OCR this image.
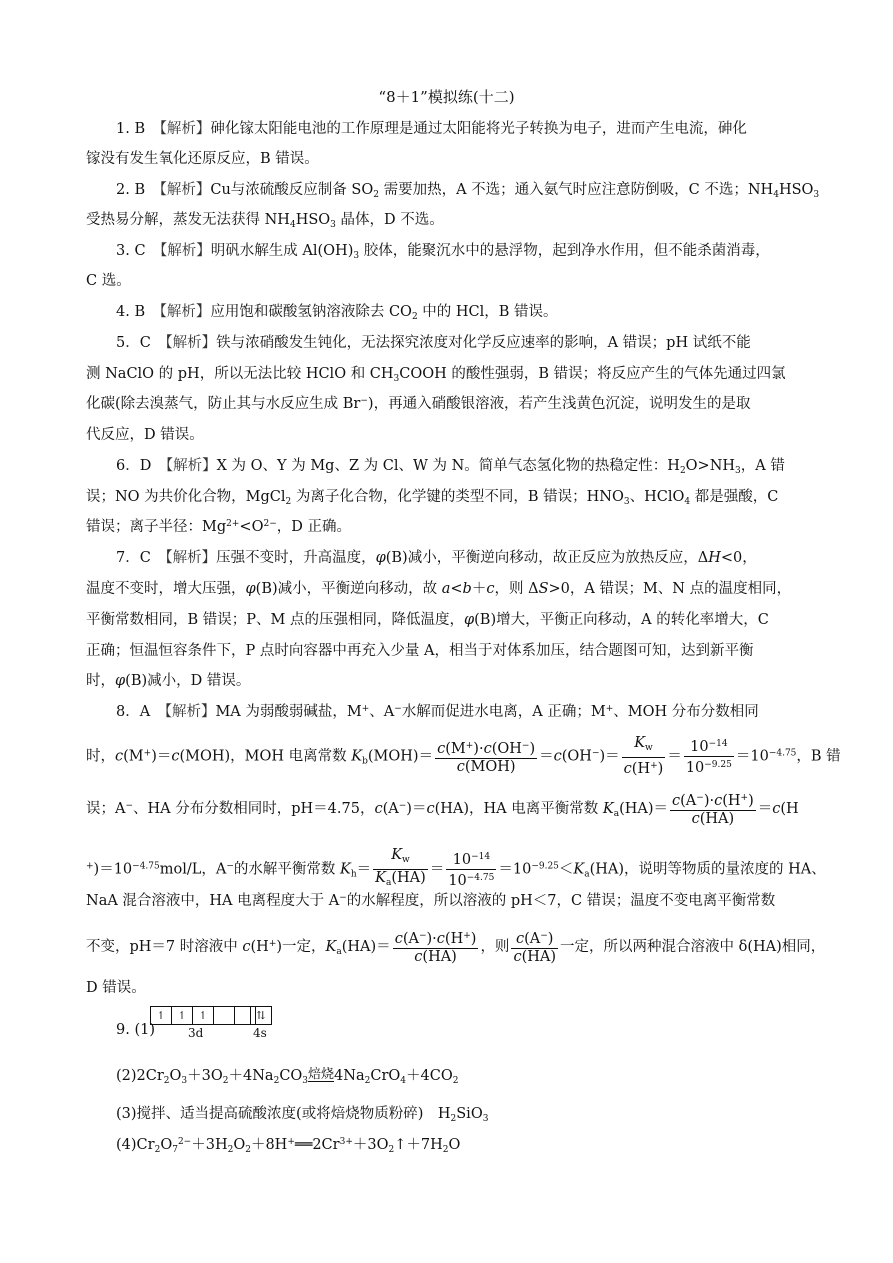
“8＋1”模拟练(十二)
1. B　 【解析】砷化镓太阳能电池的工作原理是通过太阳能将光子转换为电子，进而产生电流，砷化
镓没有发生氧化还原反应，B 错误。
2. B　 【解析】Cu与浓硫酸反应制备 $SO_2$ 需要加热，A 不选；通入氨气时应注意防倒吸，C 不选；$NH_4HSO_3$
受热易分解，蒸发无法获得 $NH_4HSO_3$ 晶体，D 不选。
3. C　 【解析】明矾水解生成 $Al(OH)_3$ 胶体，能聚沉水中的悬浮物，起到净水作用，但不能杀菌消毒，
C 选。
4. B　 【解析】应用饱和碳酸氢钠溶液除去 $CO_2$ 中的 HCl，B 错误。
5．C　 【解析】铁与浓硝酸发生钝化，无法探究浓度对化学反应速率的影响，A 错误；pH 试纸不能
测 NaClO 的 pH，所以无法比较 HClO 和 $CH_3COOH$ 的酸性强弱，B 错误；将反应产生的气体先通过四氯
化碳(除去溴蒸气，防止其与水反应生成 Br−)，再通入硝酸银溶液，若产生浅黄色沉淀，说明发生的是取
代反应，D 错误。
6．D　 【解析】X 为 O、Y 为 Mg、Z 为 Cl、W 为 N。简单气态氢化物的热稳定性：$H_2O>NH_3$，A 错
误；NO 为共价化合物，MgCl$_2$ 为离子化合物，化学键的类型不同，B 错误；$HNO_3$、HClO$_4$ 都是强酸，C
错误；离子半径：$Mg^{2+}<O^{2-}$，D 正确。
7．C　 【解析】压强不变时，升高温度，φ(B)减小，平衡逆向移动，故正反应为放热反应，ΔH<0，
温度不变时，增大压强，φ(B)减小，平衡逆向移动，故 a<b＋c，则 ΔS>0，A 错误；M、N 点的温度相同，
平衡常数相同，B 错误；P、M 点的压强相同，降低温度，φ(B)增大，平衡正向移动，A 的转化率增大，C
正确；恒温恒容条件下，P 点时向容器中再充入少量 A，相当于对体系加压，结合题图可知，达到新平衡
时，φ(B)减小，D 错误。
8．A　 【解析】MA 为弱酸弱碱盐，M+、A−水解而促进水电离，A 正确；M+、MOH 分布分数相同
时，c(M+)＝c(MOH)，MOH 电离常数 $K_b(MOH)= \frac{c(M^+)\cdot c(OH^-)}{\text{c(MOH)}} =c(OH^-)= \frac{K_w}{c(H^+)} = \frac{10^{-14}}{10^{-9.25}} =10^{-4.75}$，B 错
误；A−、HA 分布分数相同时，pH＝4.75，c(A−)＝c(HA)，HA 电离平衡常数 $K_a(HA)= \frac{c(A^-)\cdot c(H^+)}{c(HA)} =c(H$
$^+)=10^{-4.75}mol/L$，A−的水解平衡常数 $K_h= \frac{K_w}{K_a(HA)} = \frac{10^{-14}}{10^{-4.75}} =10^{-9.25}<K_a(HA)$，说明等物质的量浓度的 HA、
NaA 混合溶液中，HA 电离程度大于 A−的水解程度，所以溶液的 pH＜7，C 错误；温度不变电离平衡常数
不变，pH＝7 时溶液中 c(H+)一定，$K_a(HA)= \frac{c(A^-)\cdot c(H^+)}{c(HA)}$ ，则 $\frac{c(A^-)}{c(HA)}$ 一定，所以两种混合溶液中 δ(HA)相同，
D 错误。
9. (1)
↿	↿	↿	⇅
3d	4s
$(2)2Cr_2O_3+3O_2+4Na_2CO_3$ 焙烧 $4Na_2CrO_4+4CO_2$
(3)搅拌、适当提高硫酸浓度(或将焙烧物质粉碎)　$H_2SiO_3$
$(4)Cr_2O_7^{2-}+3H_2O_2+8H^+══2Cr^{3+}+3O_2↑+7H_2O$
